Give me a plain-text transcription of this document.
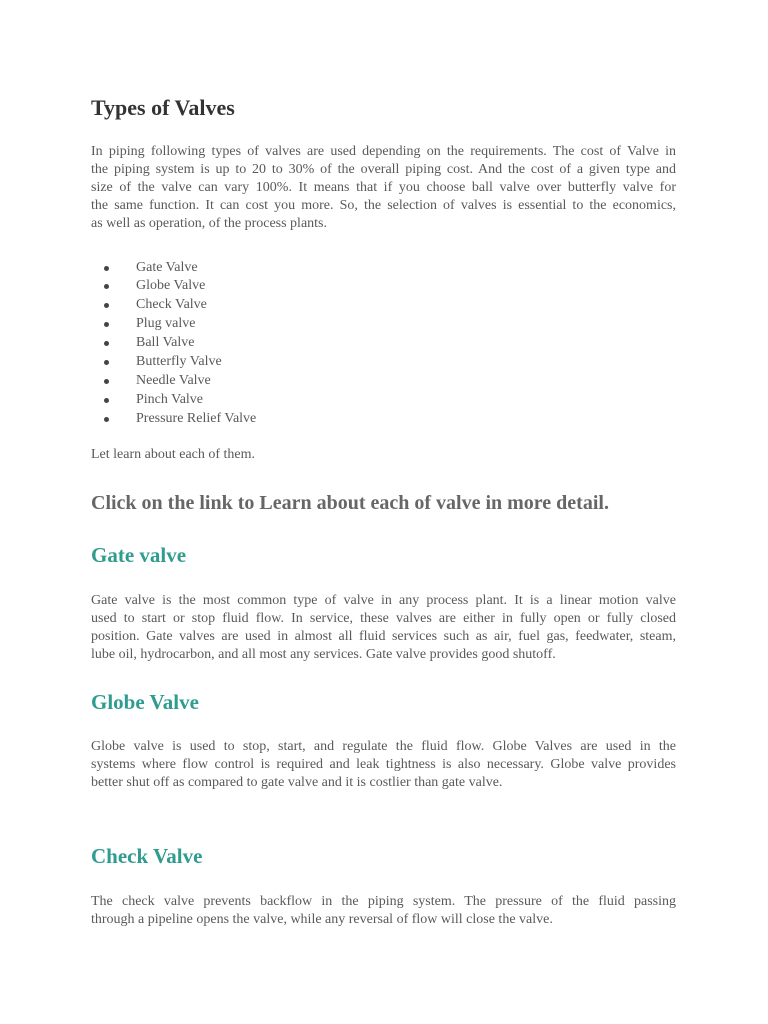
Types of Valves
In piping following types of valves are used depending on the requirements. The cost of Valve in
the piping system is up to 20 to 30% of the overall piping cost. And the cost of a given type and
size of the valve can vary 100%. It means that if you choose ball valve over butterfly valve for
the same function. It can cost you more. So, the selection of valves is essential to the economics,
as well as operation, of the process plants.
Gate Valve
Globe Valve
Check Valve
Plug valve
Ball Valve
Butterfly Valve
Needle Valve
Pinch Valve
Pressure Relief Valve
Let learn about each of them.
Click on the link to Learn about each of valve in more detail.
Gate valve
Gate valve is the most common type of valve in any process plant. It is a linear motion valve
used to start or stop fluid flow. In service, these valves are either in fully open or fully closed
position. Gate valves are used in almost all fluid services such as air, fuel gas, feedwater, steam,
lube oil, hydrocarbon, and all most any services. Gate valve provides good shutoff.
Globe Valve
Globe valve is used to stop, start, and regulate the fluid flow. Globe Valves are used in the
systems where flow control is required and leak tightness is also necessary. Globe valve provides
better shut off as compared to gate valve and it is costlier than gate valve.
Check Valve
The check valve prevents backflow in the piping system. The pressure of the fluid passing
through a pipeline opens the valve, while any reversal of flow will close the valve.
